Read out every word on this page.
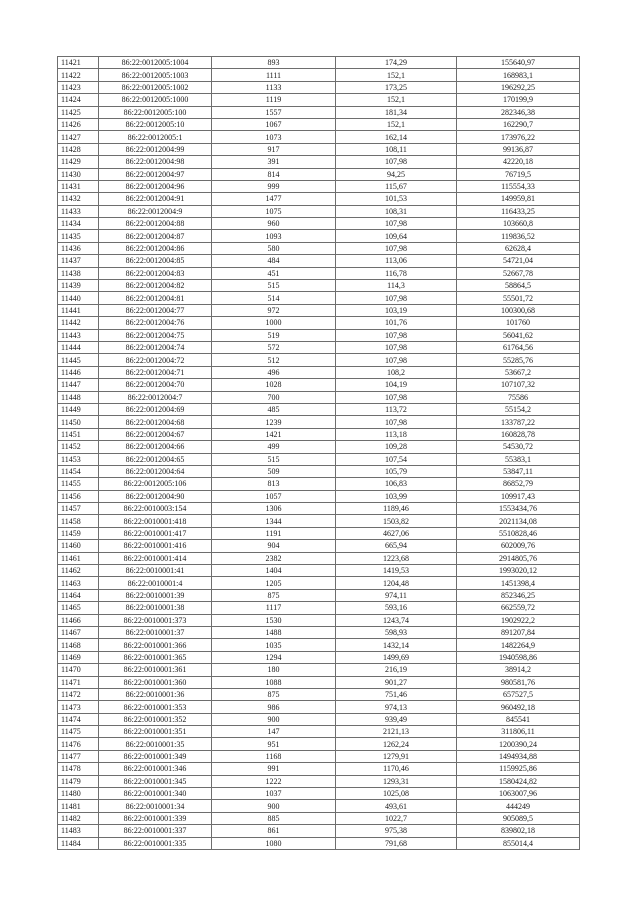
11421	86:22:0012005:1004	893	174,29	155640,97
11422	86:22:0012005:1003	1111	152,1	168983,1
11423	86:22:0012005:1002	1133	173,25	196292,25
11424	86:22:0012005:1000	1119	152,1	170199,9
11425	86:22:0012005:100	1557	181,34	282346,38
11426	86:22:0012005:10	1067	152,1	162290,7
11427	86:22:0012005:1	1073	162,14	173976,22
11428	86:22:0012004:99	917	108,11	99136,87
11429	86:22:0012004:98	391	107,98	42220,18
11430	86:22:0012004:97	814	94,25	76719,5
11431	86:22:0012004:96	999	115,67	115554,33
11432	86:22:0012004:91	1477	101,53	149959,81
11433	86:22:0012004:9	1075	108,31	116433,25
11434	86:22:0012004:88	960	107,98	103660,8
11435	86:22:0012004:87	1093	109,64	119836,52
11436	86:22:0012004:86	580	107,98	62628,4
11437	86:22:0012004:85	484	113,06	54721,04
11438	86:22:0012004:83	451	116,78	52667,78
11439	86:22:0012004:82	515	114,3	58864,5
11440	86:22:0012004:81	514	107,98	55501,72
11441	86:22:0012004:77	972	103,19	100300,68
11442	86:22:0012004:76	1000	101,76	101760
11443	86:22:0012004:75	519	107,98	56041,62
11444	86:22:0012004:74	572	107,98	61764,56
11445	86:22:0012004:72	512	107,98	55285,76
11446	86:22:0012004:71	496	108,2	53667,2
11447	86:22:0012004:70	1028	104,19	107107,32
11448	86:22:0012004:7	700	107,98	75586
11449	86:22:0012004:69	485	113,72	55154,2
11450	86:22:0012004:68	1239	107,98	133787,22
11451	86:22:0012004:67	1421	113,18	160828,78
11452	86:22:0012004:66	499	109,28	54530,72
11453	86:22:0012004:65	515	107,54	55383,1
11454	86:22:0012004:64	509	105,79	53847,11
11455	86:22:0012005:106	813	106,83	86852,79
11456	86:22:0012004:90	1057	103,99	109917,43
11457	86:22:0010003:154	1306	1189,46	1553434,76
11458	86:22:0010001:418	1344	1503,82	2021134,08
11459	86:22:0010001:417	1191	4627,06	5510828,46
11460	86:22:0010001:416	904	665,94	602009,76
11461	86:22:0010001:414	2382	1223,68	2914805,76
11462	86:22:0010001:41	1404	1419,53	1993020,12
11463	86:22:0010001:4	1205	1204,48	1451398,4
11464	86:22:0010001:39	875	974,11	852346,25
11465	86:22:0010001:38	1117	593,16	662559,72
11466	86:22:0010001:373	1530	1243,74	1902922,2
11467	86:22:0010001:37	1488	598,93	891207,84
11468	86:22:0010001:366	1035	1432,14	1482264,9
11469	86:22:0010001:365	1294	1499,69	1940598,86
11470	86:22:0010001:361	180	216,19	38914,2
11471	86:22:0010001:360	1088	901,27	980581,76
11472	86:22:0010001:36	875	751,46	657527,5
11473	86:22:0010001:353	986	974,13	960492,18
11474	86:22:0010001:352	900	939,49	845541
11475	86:22:0010001:351	147	2121,13	311806,11
11476	86:22:0010001:35	951	1262,24	1200390,24
11477	86:22:0010001:349	1168	1279,91	1494934,88
11478	86:22:0010001:346	991	1170,46	1159925,86
11479	86:22:0010001:345	1222	1293,31	1580424,82
11480	86:22:0010001:340	1037	1025,08	1063007,96
11481	86:22:0010001:34	900	493,61	444249
11482	86:22:0010001:339	885	1022,7	905089,5
11483	86:22:0010001:337	861	975,38	839802,18
11484	86:22:0010001:335	1080	791,68	855014,4
